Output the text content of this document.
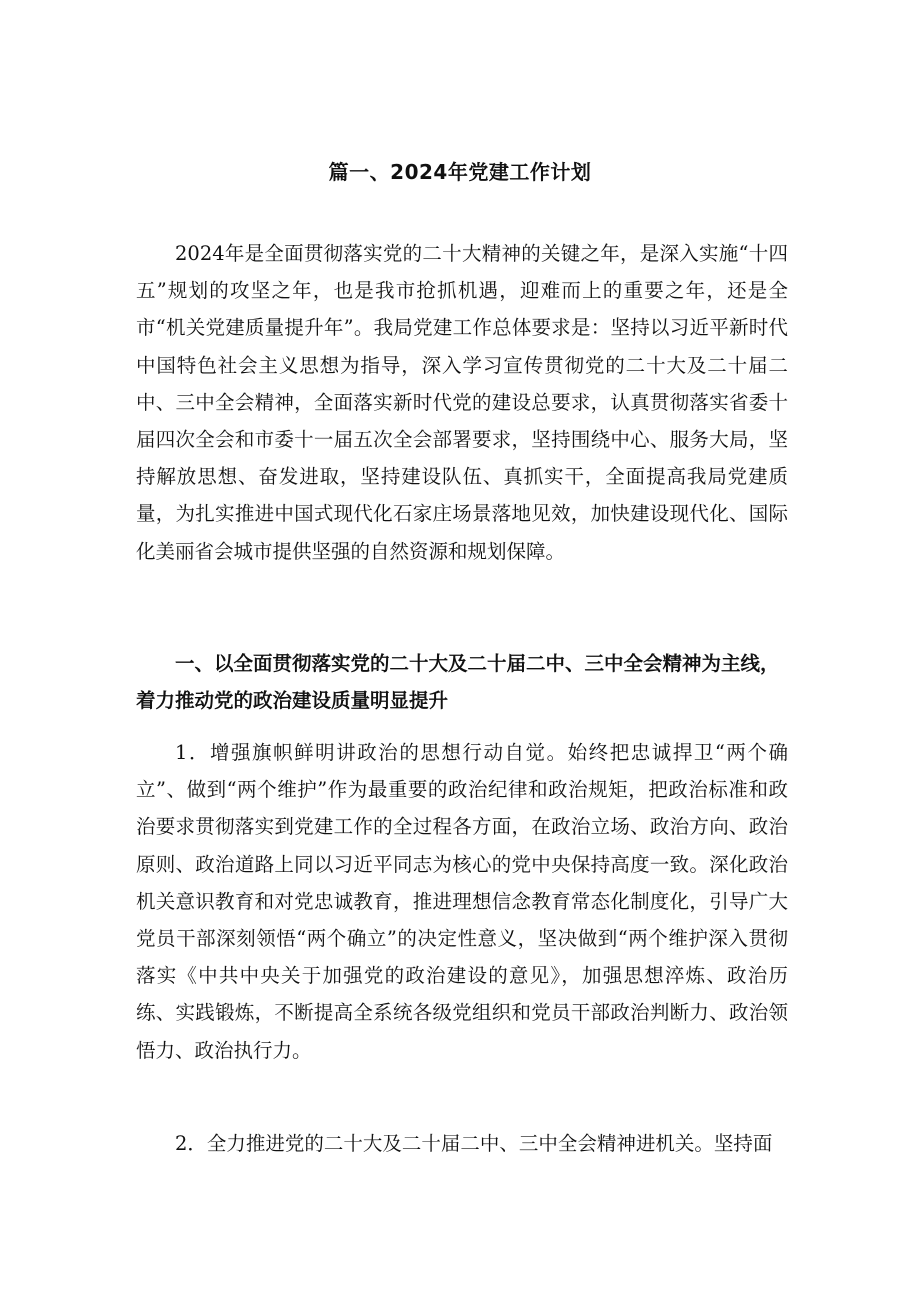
篇一、2024年党建工作计划

2024年是全面贯彻落实党的二十大精神的关键之年，是深入实施“十四五”规划的攻坚之年，也是我市抢抓机遇，迎难而上的重要之年，还是全市“机关党建质量提升年”。我局党建工作总体要求是：坚持以习近平新时代中国特色社会主义思想为指导，深入学习宣传贯彻党的二十大及二十届二中、三中全会精神，全面落实新时代党的建设总要求，认真贯彻落实省委十届四次全会和市委十一届五次全会部署要求，坚持围绕中心、服务大局，坚持解放思想、奋发进取，坚持建设队伍、真抓实干，全面提高我局党建质量，为扎实推进中国式现代化石家庄场景落地见效，加快建设现代化、国际化美丽省会城市提供坚强的自然资源和规划保障。

一、以全面贯彻落实党的二十大及二十届二中、三中全会精神为主线，着力推动党的政治建设质量明显提升

1．增强旗帜鲜明讲政治的思想行动自觉。始终把忠诚捍卫“两个确立”、做到“两个维护”作为最重要的政治纪律和政治规矩，把政治标准和政治要求贯彻落实到党建工作的全过程各方面，在政治立场、政治方向、政治原则、政治道路上同以习近平同志为核心的党中央保持高度一致。深化政治机关意识教育和对党忠诚教育，推进理想信念教育常态化制度化，引导广大党员干部深刻领悟“两个确立”的决定性意义，坚决做到“两个维护深入贯彻落实《中共中央关于加强党的政治建设的意见》，加强思想淬炼、政治历练、实践锻炼，不断提高全系统各级党组织和党员干部政治判断力、政治领悟力、政治执行力。

2．全力推进党的二十大及二十届二中、三中全会精神进机关。坚持面
